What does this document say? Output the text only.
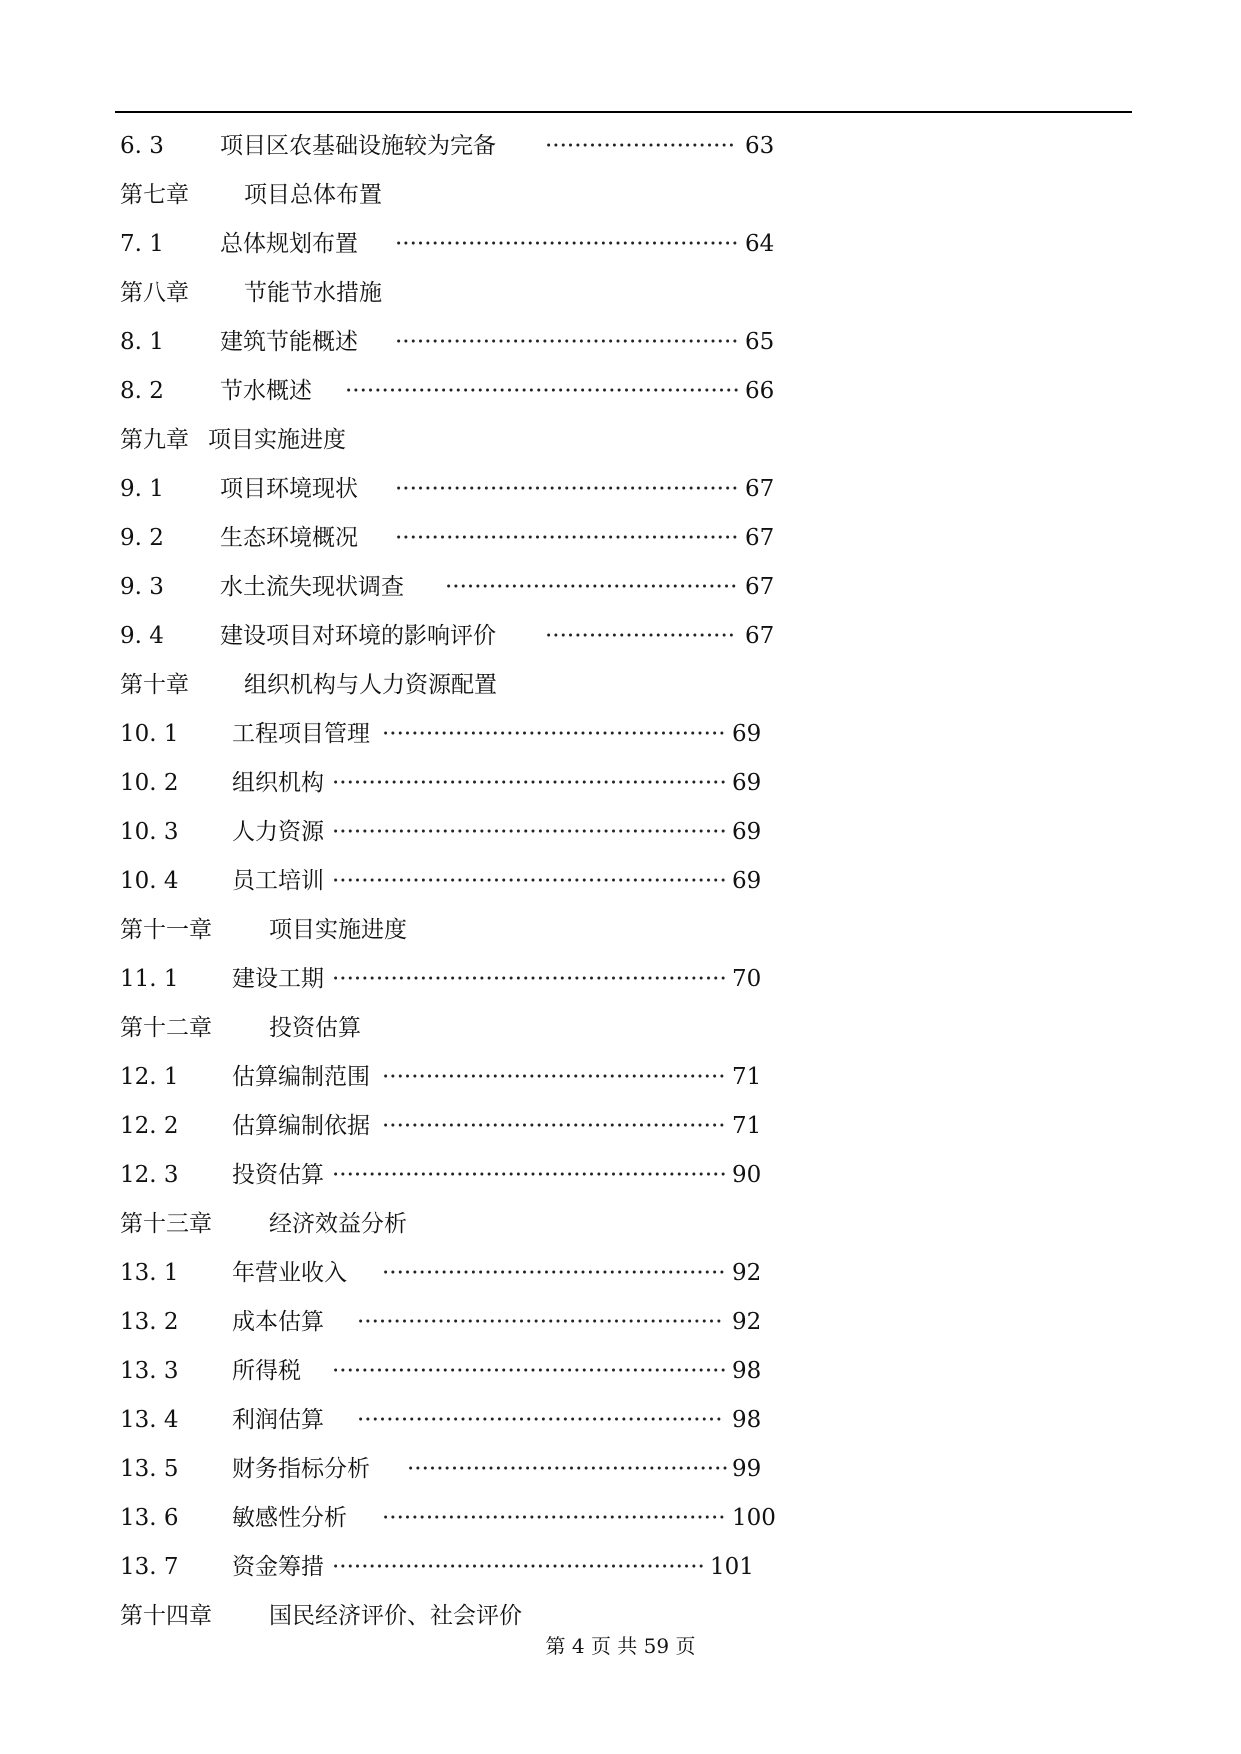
6. 3 项目区农基础设施较为完备 ·························· 63
第七章 项目总体布置
7. 1 总体规划布置 ··············································· 64
第八章 节能节水措施
8. 1 建筑节能概述 ··············································· 65
8. 2 节水概述 ······················································ 66
第九章 项目实施进度
9. 1 项目环境现状 ··············································· 67
9. 2 生态环境概况 ··············································· 67
9. 3 水土流失现状调查 ········································ 67
9. 4 建设项目对环境的影响评价 ·························· 67
第十章 组织机构与人力资源配置
10. 1 工程项目管理 ··············································· 69
10. 2 组织机构 ······················································ 69
10. 3 人力资源 ······················································ 69
10. 4 员工培训 ······················································ 69
第十一章 项目实施进度
11. 1 建设工期 ······················································ 70
第十二章 投资估算
12. 1 估算编制范围 ··············································· 71
12. 2 估算编制依据 ··············································· 71
12. 3 投资估算 ······················································ 90
第十三章 经济效益分析
13. 1 年营业收入 ··············································· 92
13. 2 成本估算 ·················································· 92
13. 3 所得税 ······················································ 98
13. 4 利润估算 ·················································· 98
13. 5 财务指标分析 ············································ 99
13. 6 敏感性分析 ··············································· 100
13. 7 资金筹措 ··················································· 101
第十四章 国民经济评价、社会评价
第 4 页 共 59 页
